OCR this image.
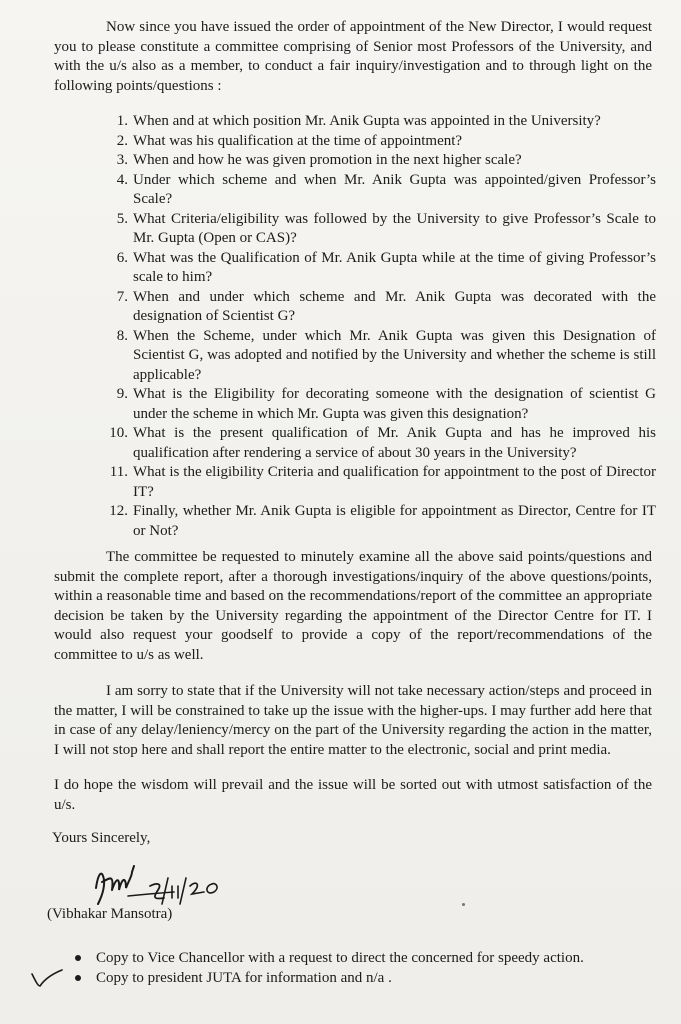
Now since you have issued the order of appointment of the New Director, I would request you to please constitute a committee comprising of Senior most Professors of the University, and with the u/s also as a member, to conduct a fair inquiry/investigation and to through light on the following points/questions :

1. When and at which position Mr. Anik Gupta was appointed in the University?
2. What was his qualification at the time of appointment?
3. When and how he was given promotion in the next higher scale?
4. Under which scheme and when Mr. Anik Gupta was appointed/given Professor’s Scale?
5. What Criteria/eligibility was followed by the University to give Professor’s Scale to Mr. Gupta (Open or CAS)?
6. What was the Qualification of Mr. Anik Gupta while at the time of giving Professor’s scale to him?
7. When and under which scheme and Mr. Anik Gupta was decorated with the designation of Scientist G?
8. When the Scheme, under which Mr. Anik Gupta was given this Designation of Scientist G, was adopted and notified by the University and whether the scheme is still applicable?
9. What is the Eligibility for decorating someone with the designation of scientist G under the scheme in which Mr. Gupta was given this designation?
10. What is the present qualification of Mr. Anik Gupta and has he improved his qualification after rendering a service of about 30 years in the University?
11. What is the eligibility Criteria and qualification for appointment to the post of Director IT?
12. Finally, whether Mr. Anik Gupta is eligible for appointment as Director, Centre for IT or Not?

The committee be requested to minutely examine all the above said points/questions and submit the complete report, after a thorough investigations/inquiry of the above questions/points, within a reasonable time and based on the recommendations/report of the committee an appropriate decision be taken by the University regarding the appointment of the Director Centre for IT. I would also request your goodself to provide a copy of the report/recommendations of the committee to u/s as well.

I am sorry to state that if the University will not take necessary action/steps and proceed in the matter, I will be constrained to take up the issue with the higher-ups. I may further add here that in case of any delay/leniency/mercy on the part of the University regarding the action in the matter, I will not stop here and shall report the entire matter to the electronic, social and print media.

I do hope the wisdom will prevail and the issue will be sorted out with utmost satisfaction of the u/s.

Yours Sincerely,
(Vibhakar Mansotra)
Copy to Vice Chancellor with a request to direct the concerned for speedy action.
Copy to president JUTA for information and n/a .
